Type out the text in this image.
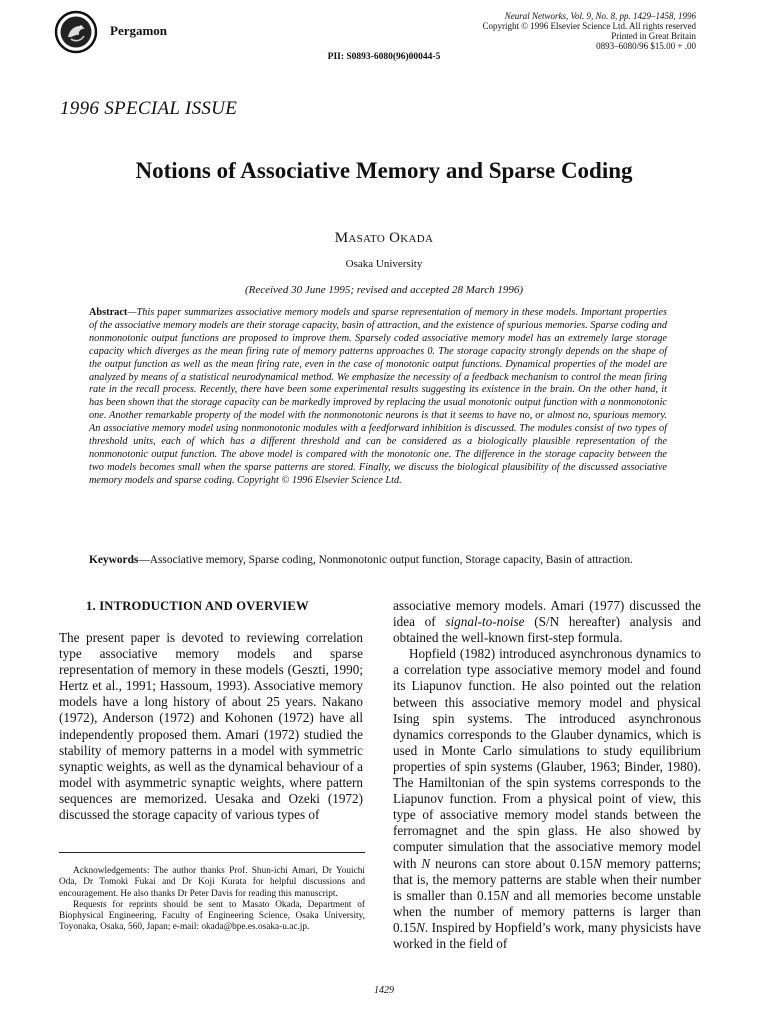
Pergamon
Neural Networks, Vol. 9, No. 8, pp. 1429–1458, 1996
Copyright © 1996 Elsevier Science Ltd. All rights reserved
Printed in Great Britain
0893–6080/96 $15.00 + .00
PII: S0893-6080(96)00044-5
1996 SPECIAL ISSUE
Notions of Associative Memory and Sparse Coding
Masato Okada
Osaka University
(Received 30 June 1995; revised and accepted 28 March 1996)
Abstract—This paper summarizes associative memory models and sparse representation of memory in these models. Important properties of the associative memory models are their storage capacity, basin of attraction, and the existence of spurious memories. Sparse coding and nonmonotonic output functions are proposed to improve them. Sparsely coded associative memory model has an extremely large storage capacity which diverges as the mean firing rate of memory patterns approaches 0. The storage capacity strongly depends on the shape of the output function as well as the mean firing rate, even in the case of monotonic output functions. Dynamical properties of the model are analyzed by means of a statistical neurodynamical method. We emphasize the necessity of a feedback mechanism to control the mean firing rate in the recall process. Recently, there have been some experimental results suggesting its existence in the brain. On the other hand, it has been shown that the storage capacity can be markedly improved by replacing the usual monotonic output function with a nonmonotonic one. Another remarkable property of the model with the nonmonotonic neurons is that it seems to have no, or almost no, spurious memory. An associative memory model using nonmonotonic modules with a feedforward inhibition is discussed. The modules consist of two types of threshold units, each of which has a different threshold and can be considered as a biologically plausible representation of the nonmonotonic output function. The above model is compared with the monotonic one. The difference in the storage capacity between the two models becomes small when the sparse patterns are stored. Finally, we discuss the biological plausibility of the discussed associative memory models and sparse coding. Copyright © 1996 Elsevier Science Ltd.
Keywords—Associative memory, Sparse coding, Nonmonotonic output function, Storage capacity, Basin of attraction.
1. INTRODUCTION AND OVERVIEW

The present paper is devoted to reviewing correlation type associative memory models and sparse representation of memory in these models (Geszti, 1990; Hertz et al., 1991; Hassoum, 1993). Associative memory models have a long history of about 25 years. Nakano (1972), Anderson (1972) and Kohonen (1972) have all independently proposed them. Amari (1972) studied the stability of memory patterns in a model with symmetric synaptic weights, as well as the dynamical behaviour of a model with asymmetric synaptic weights, where pattern sequences are memorized. Uesaka and Ozeki (1972) discussed the storage capacity of various types of

Acknowledgements: The author thanks Prof. Shun-ichi Amari, Dr Youichi Oda, Dr Tomoki Fukai and Dr Koji Kurata for helpful discussions and encouragement. He also thanks Dr Peter Davis for reading this manuscript.

Requests for reprints should be sent to Masato Okada, Department of Biophysical Engineering, Faculty of Engineering Science, Osaka University, Toyonaka, Osaka, 560, Japan; e-mail: okada@bpe.es.osaka-u.ac.jp.

associative memory models. Amari (1977) discussed the idea of signal-to-noise (S/N hereafter) analysis and obtained the well-known first-step formula.

Hopfield (1982) introduced asynchronous dynamics to a correlation type associative memory model and found its Liapunov function. He also pointed out the relation between this associative memory model and physical Ising spin systems. The introduced asynchronous dynamics corresponds to the Glauber dynamics, which is used in Monte Carlo simulations to study equilibrium properties of spin systems (Glauber, 1963; Binder, 1980). The Hamiltonian of the spin systems corresponds to the Liapunov function. From a physical point of view, this type of associative memory model stands between the ferromagnet and the spin glass. He also showed by computer simulation that the associative memory model with N neurons can store about 0.15N memory patterns; that is, the memory patterns are stable when their number is smaller than 0.15N and all memories become unstable when the number of memory patterns is larger than 0.15N. Inspired by Hopfield’s work, many physicists have worked in the field of

1429
